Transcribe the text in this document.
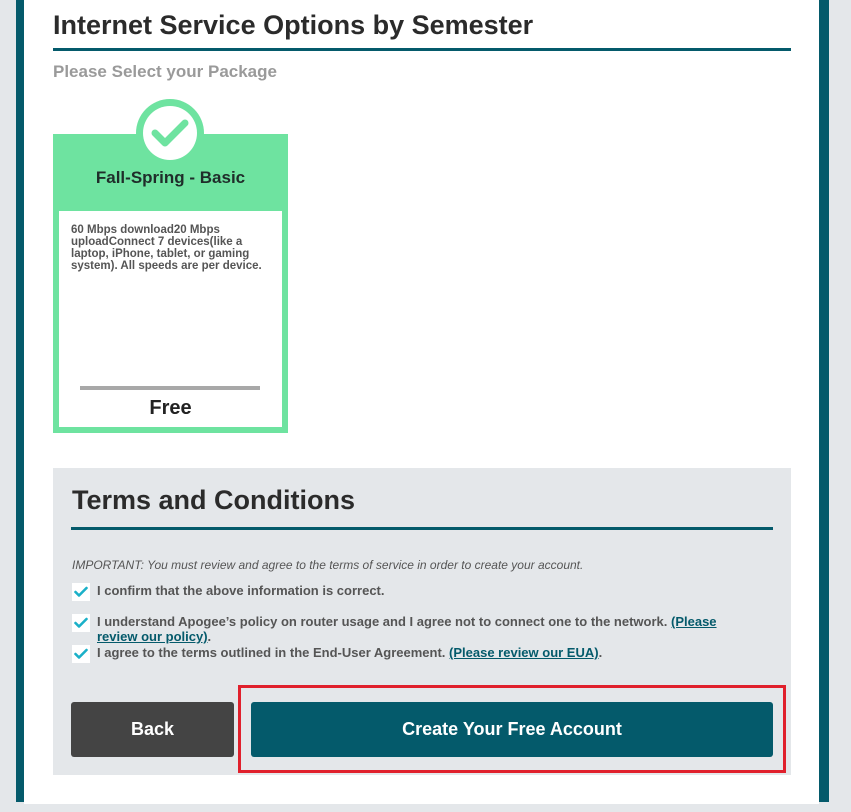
Internet Service Options by Semester
Please Select your Package
Fall-Spring - Basic
60 Mbps download20 Mbps uploadConnect 7 devices(like a laptop, iPhone, tablet, or gaming system). All speeds are per device.
Free
Terms and Conditions
IMPORTANT: You must review and agree to the terms of service in order to create your account.
I confirm that the above information is correct.
I understand Apogee’s policy on router usage and I agree not to connect one to the network. (Please review our policy).
I agree to the terms outlined in the End-User Agreement. (Please review our EUA).
Back	Create Your Free Account
